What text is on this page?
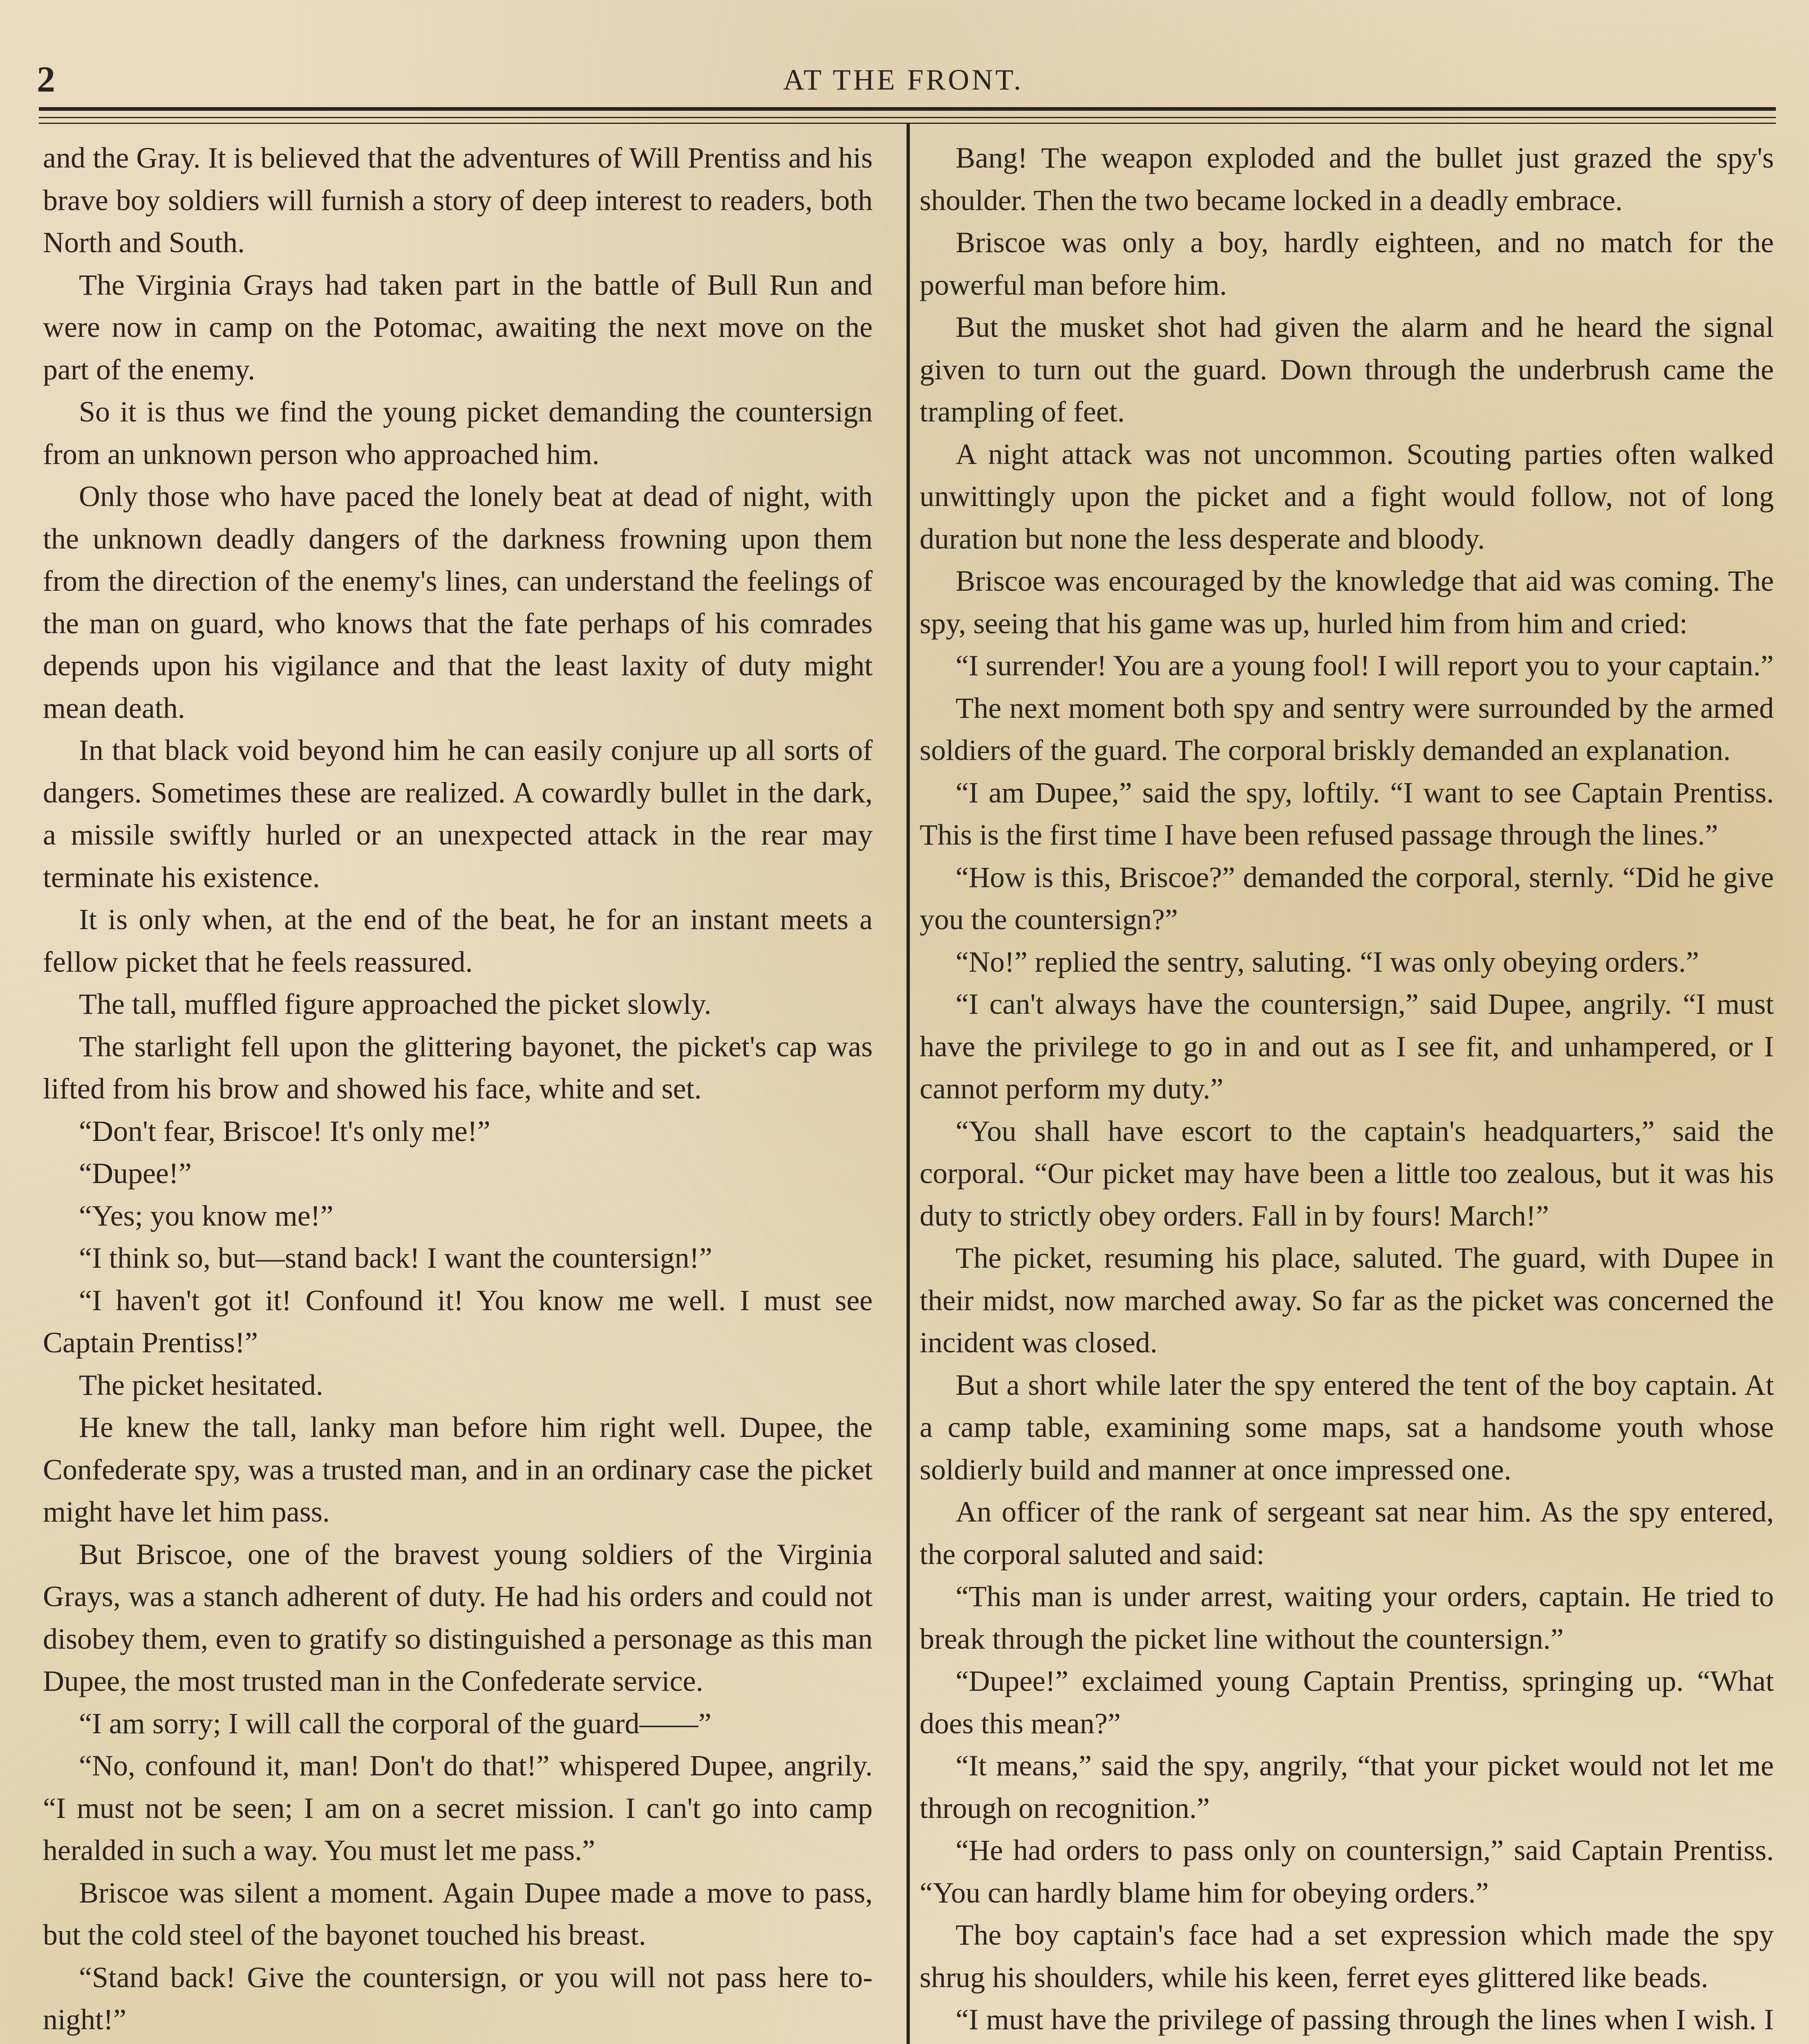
2	AT THE FRONT.

and the Gray. It is believed that the adventures of Will Prentiss and his brave boy soldiers will furnish a story of deep interest to readers, both North and South.

The Virginia Grays had taken part in the battle of Bull Run and were now in camp on the Potomac, awaiting the next move on the part of the enemy.

So it is thus we find the young picket demanding the countersign from an unknown person who approached him.

Only those who have paced the lonely beat at dead of night, with the unknown deadly dangers of the darkness frowning upon them from the direction of the enemy's lines, can understand the feelings of the man on guard, who knows that the fate perhaps of his comrades depends upon his vigilance and that the least laxity of duty might mean death.

In that black void beyond him he can easily conjure up all sorts of dangers. Sometimes these are realized. A cowardly bullet in the dark, a missile swiftly hurled or an unexpected attack in the rear may terminate his existence.

It is only when, at the end of the beat, he for an instant meets a fellow picket that he feels reassured.

The tall, muffled figure approached the picket slowly.

The starlight fell upon the glittering bayonet, the picket's cap was lifted from his brow and showed his face, white and set.

“Don't fear, Briscoe! It's only me!”

“Dupee!”

“Yes; you know me!”

“I think so, but—stand back! I want the countersign!”

“I haven't got it! Confound it! You know me well. I must see Captain Prentiss!”

The picket hesitated.

He knew the tall, lanky man before him right well. Dupee, the Confederate spy, was a trusted man, and in an ordinary case the picket might have let him pass.

But Briscoe, one of the bravest young soldiers of the Virginia Grays, was a stanch adherent of duty. He had his orders and could not disobey them, even to gratify so distinguished a personage as this man Dupee, the most trusted man in the Confederate service.

“I am sorry; I will call the corporal of the guard——”

“No, confound it, man! Don't do that!” whispered Dupee, angrily. “I must not be seen; I am on a secret mission. I can't go into camp heralded in such a way. You must let me pass.”

Briscoe was silent a moment. Again Dupee made a move to pass, but the cold steel of the bayonet touched his breast.

“Stand back! Give the countersign, or you will not pass here to-night!”

Bang! The weapon exploded and the bullet just grazed the spy's shoulder. Then the two became locked in a deadly embrace.

Briscoe was only a boy, hardly eighteen, and no match for the powerful man before him.

But the musket shot had given the alarm and he heard the signal given to turn out the guard. Down through the underbrush came the trampling of feet.

A night attack was not uncommon. Scouting parties often walked unwittingly upon the picket and a fight would follow, not of long duration but none the less desperate and bloody.

Briscoe was encouraged by the knowledge that aid was coming. The spy, seeing that his game was up, hurled him from him and cried:

“I surrender! You are a young fool! I will report you to your captain.”

The next moment both spy and sentry were surrounded by the armed soldiers of the guard. The corporal briskly demanded an explanation.

“I am Dupee,” said the spy, loftily. “I want to see Captain Prentiss. This is the first time I have been refused passage through the lines.”

“How is this, Briscoe?” demanded the corporal, sternly. “Did he give you the countersign?”

“No!” replied the sentry, saluting. “I was only obeying orders.”

“I can't always have the countersign,” said Dupee, angrily. “I must have the privilege to go in and out as I see fit, and unhampered, or I cannot perform my duty.”

“You shall have escort to the captain's headquarters,” said the corporal. “Our picket may have been a little too zealous, but it was his duty to strictly obey orders. Fall in by fours! March!”

The picket, resuming his place, saluted. The guard, with Dupee in their midst, now marched away. So far as the picket was concerned the incident was closed.

But a short while later the spy entered the tent of the boy captain. At a camp table, examining some maps, sat a handsome youth whose soldierly build and manner at once impressed one.

An officer of the rank of sergeant sat near him. As the spy entered, the corporal saluted and said:

“This man is under arrest, waiting your orders, captain. He tried to break through the picket line without the countersign.”

“Dupee!” exclaimed young Captain Prentiss, springing up. “What does this mean?”

“It means,” said the spy, angrily, “that your picket would not let me through on recognition.”

“He had orders to pass only on countersign,” said Captain Prentiss. “You can hardly blame him for obeying orders.”

The boy captain's face had a set expression which made the spy shrug his shoulders, while his keen, ferret eyes glittered like beads.

“I must have the privilege of passing through the lines when I wish. I
